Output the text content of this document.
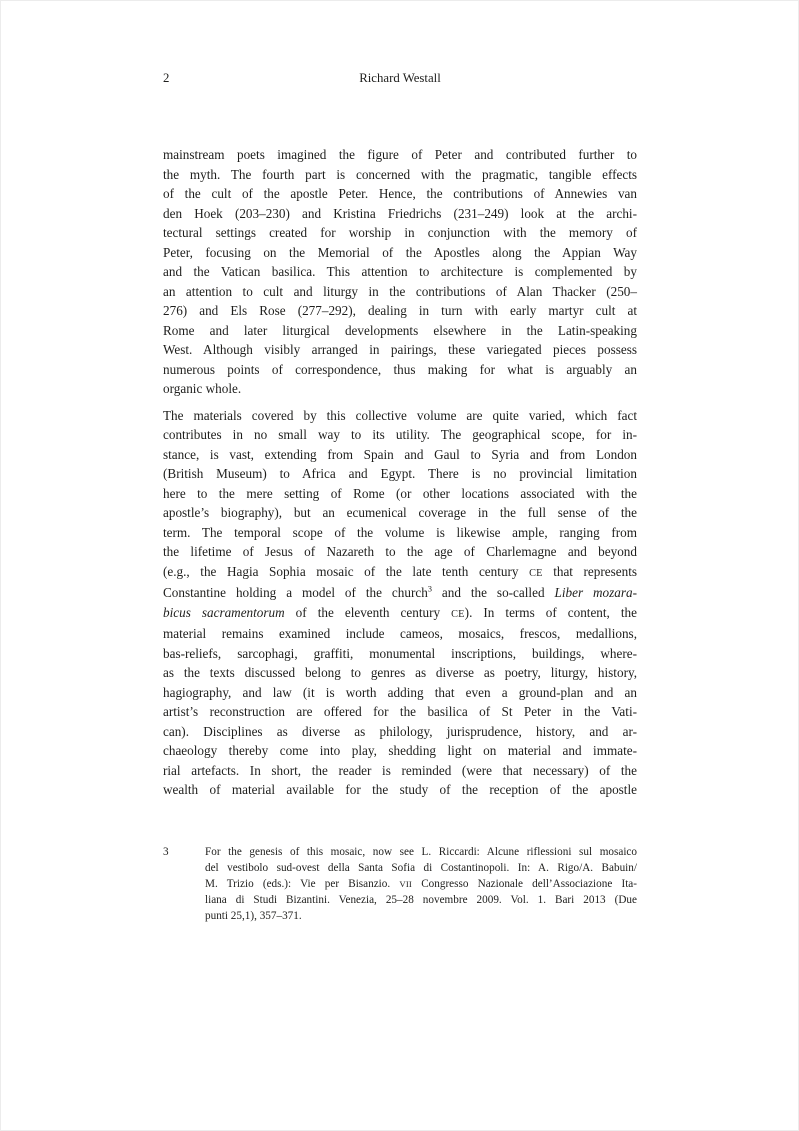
2	Richard Westall
mainstream poets imagined the figure of Peter and contributed further to
the myth. The fourth part is concerned with the pragmatic, tangible effects
of the cult of the apostle Peter. Hence, the contributions of Annewies van
den Hoek (203–230) and Kristina Friedrichs (231–249) look at the archi-
tectural settings created for worship in conjunction with the memory of
Peter, focusing on the Memorial of the Apostles along the Appian Way
and the Vatican basilica. This attention to architecture is complemented by
an attention to cult and liturgy in the contributions of Alan Thacker (250–
276) and Els Rose (277–292), dealing in turn with early martyr cult at
Rome and later liturgical developments elsewhere in the Latin-speaking
West. Although visibly arranged in pairings, these variegated pieces possess
numerous points of correspondence, thus making for what is arguably an
organic whole.
The materials covered by this collective volume are quite varied, which fact
contributes in no small way to its utility. The geographical scope, for in-
stance, is vast, extending from Spain and Gaul to Syria and from London
(British Museum) to Africa and Egypt. There is no provincial limitation
here to the mere setting of Rome (or other locations associated with the
apostle’s biography), but an ecumenical coverage in the full sense of the
term. The temporal scope of the volume is likewise ample, ranging from
the lifetime of Jesus of Nazareth to the age of Charlemagne and beyond
(e.g., the Hagia Sophia mosaic of the late tenth century CE that represents
Constantine holding a model of the church$^3$ and the so-called Liber mozara-
bicus sacramentorum of the eleventh century CE). In terms of content, the
material remains examined include cameos, mosaics, frescos, medallions,
bas-reliefs, sarcophagi, graffiti, monumental inscriptions, buildings, where-
as the texts discussed belong to genres as diverse as poetry, liturgy, history,
hagiography, and law (it is worth adding that even a ground-plan and an
artist’s reconstruction are offered for the basilica of St Peter in the Vati-
can). Disciplines as diverse as philology, jurisprudence, history, and ar-
chaeology thereby come into play, shedding light on material and immate-
rial artefacts. In short, the reader is reminded (were that necessary) of the
wealth of material available for the study of the reception of the apostle
3	For the genesis of this mosaic, now see L. Riccardi: Alcune riflessioni sul mosaico
del vestibolo sud-ovest della Santa Sofia di Costantinopoli. In: A. Rigo/A. Babuin/
M. Trizio (eds.): Vie per Bisanzio. VII Congresso Nazionale dell’Associazione Ita-
liana di Studi Bizantini. Venezia, 25–28 novembre 2009. Vol. 1. Bari 2013 (Due
punti 25,1), 357–371.
